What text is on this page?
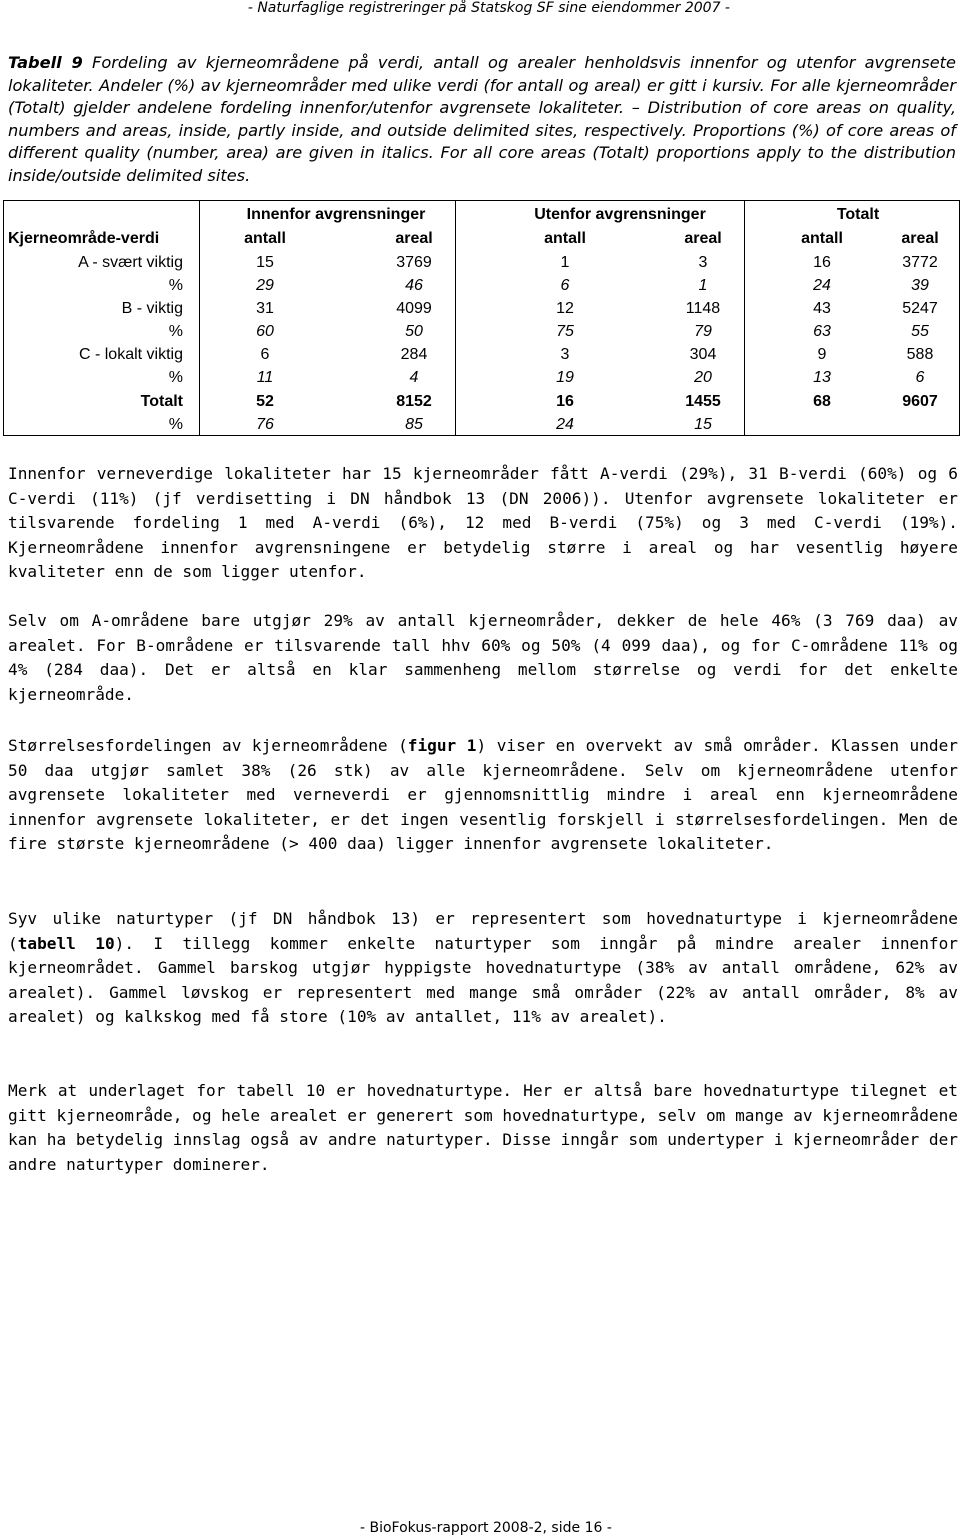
- Naturfaglige registreringer på Statskog SF sine eiendommer 2007 -

Tabell 9 Fordeling av kjerneområdene på verdi, antall og arealer henholdsvis innenfor og utenfor avgrensete lokaliteter. Andeler (%) av kjerneområder med ulike verdi (for antall og areal) er gitt i kursiv. For alle kjerneområder (Totalt) gjelder andelene fordeling innenfor/utenfor avgrensete lokaliteter. – Distribution of core areas on quality, numbers and areas, inside, partly inside, and outside delimited sites, respectively. Proportions (%) of core areas of different quality (number, area) are given in italics. For all core areas (Totalt) proportions apply to the distribution inside/outside delimited sites.

Innenfor avgrensninger	Utenfor avgrensninger	Totalt
Kjerneområde-verdi	antall	areal	antall	areal	antall	areal
A - svært viktig	15	3769	1	3	16	3772
%	29	46	6	1	24	39
B - viktig	31	4099	12	1148	43	5247
%	60	50	75	79	63	55
C - lokalt viktig	6	284	3	304	9	588
%	11	4	19	20	13	6
Totalt	52	8152	16	1455	68	9607
%	76	85	24	15

Innenfor verneverdige lokaliteter har 15 kjerneområder fått A-verdi (29%), 31 B-verdi (60%) og 6 C-verdi (11%) (jf verdisetting i DN håndbok 13 (DN 2006)). Utenfor avgrensete lokaliteter er tilsvarende fordeling 1 med A-verdi (6%), 12 med B-verdi (75%) og 3 med C-verdi (19%). Kjerneområdene innenfor avgrensningene er betydelig større i areal og har vesentlig høyere kvaliteter enn de som ligger utenfor.

Selv om A-områdene bare utgjør 29% av antall kjerneområder, dekker de hele 46% (3 769 daa) av arealet. For B-områdene er tilsvarende tall hhv 60% og 50% (4 099 daa), og for C-områdene 11% og 4% (284 daa). Det er altså en klar sammenheng mellom størrelse og verdi for det enkelte kjerneområde.

Størrelsesfordelingen av kjerneområdene (figur 1) viser en overvekt av små områder. Klassen under 50 daa utgjør samlet 38% (26 stk) av alle kjerneområdene. Selv om kjerneområdene utenfor avgrensete lokaliteter med verneverdi er gjennomsnittlig mindre i areal enn kjerneområdene innenfor avgrensete lokaliteter, er det ingen vesentlig forskjell i størrelsesfordelingen. Men de fire største kjerneområdene (> 400 daa) ligger innenfor avgrensete lokaliteter.

Syv ulike naturtyper (jf DN håndbok 13) er representert som hovednaturtype i kjerneområdene (tabell 10). I tillegg kommer enkelte naturtyper som inngår på mindre arealer innenfor kjerneområdet. Gammel barskog utgjør hyppigste hovednaturtype (38% av antall områdene, 62% av arealet). Gammel løvskog er representert med mange små områder (22% av antall områder, 8% av arealet) og kalkskog med få store (10% av antallet, 11% av arealet).

Merk at underlaget for tabell 10 er hovednaturtype. Her er altså bare hovednaturtype tilegnet et gitt kjerneområde, og hele arealet er generert som hovednaturtype, selv om mange av kjerneområdene kan ha betydelig innslag også av andre naturtyper. Disse inngår som undertyper i kjerneområder der andre naturtyper dominerer.

- BioFokus-rapport 2008-2, side 16 -
